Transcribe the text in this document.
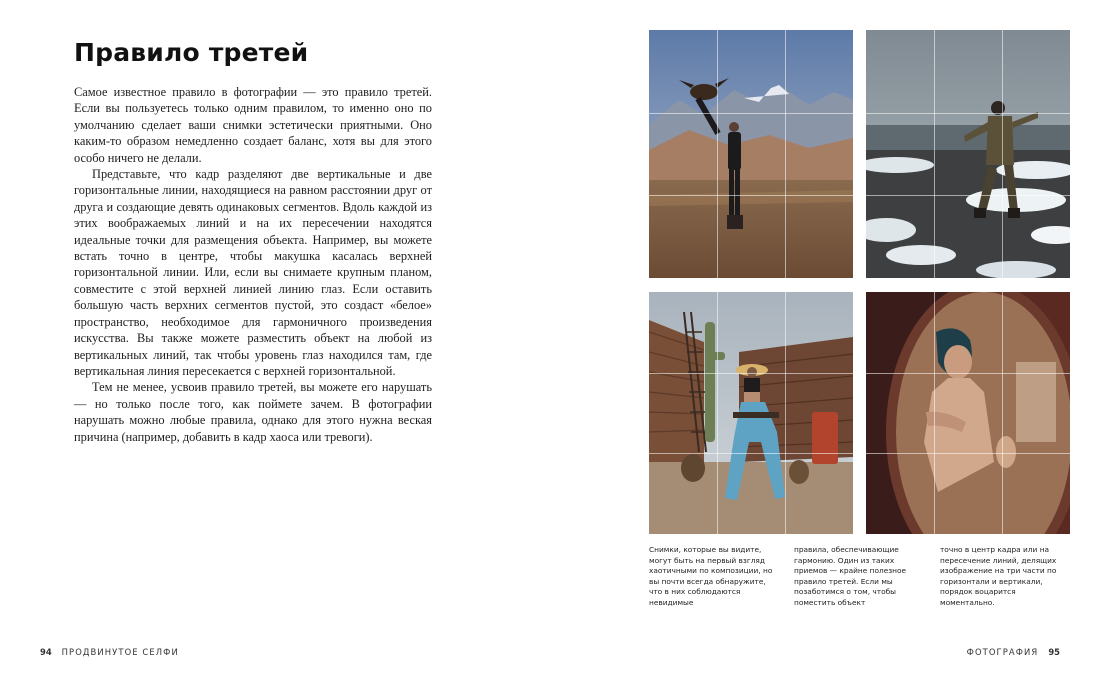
Правило третей

Самое известное правило в фотографии — это правило третей. Если вы пользуетесь только одним правилом, то именно оно по умолчанию сделает ваши снимки эстетически приятными. Оно каким-то образом немедленно создает баланс, хотя вы для этого особо ничего не делали.

Представьте, что кадр разделяют две вертикальные и две горизонтальные линии, находящиеся на равном расстоянии друг от друга и создающие девять одинаковых сегментов. Вдоль каждой из этих воображаемых линий и на их пересечении находятся идеальные точки для размещения объекта. Например, вы можете встать точно в центре, чтобы макушка касалась верхней горизонтальной линии. Или, если вы снимаете крупным планом, совместите с этой верхней линией линию глаз. Если оставить большую часть верхних сегментов пустой, это создаст «белое» пространство, необходимое для гармоничного произведения искусства. Вы также можете разместить объект на любой из вертикальных линий, так чтобы уровень глаз находился там, где вертикальная линия пересекается с верхней горизонтальной.

Тем не менее, усвоив правило третей, вы можете его нарушать — но только после того, как поймете зачем. В фотографии нарушать можно любые правила, однако для этого нужна веская причина (например, добавить в кадр хаоса или тревоги).

94 ПРОДВИНУТОЕ СЕЛФИ
Снимки, которые вы видите, могут быть на первый взгляд хаотичными по композиции, но вы почти всегда обнаружите, что в них соблюдаются невидимые
правила, обеспечивающие гармонию. Один из таких приемов — крайне полезное правило третей. Если мы позаботимся о том, чтобы поместить объект
точно в центр кадра или на пересечение линий, делящих изображение на три части по горизонтали и вертикали, порядок воцарится моментально.
ФОТОГРАФИЯ 95
